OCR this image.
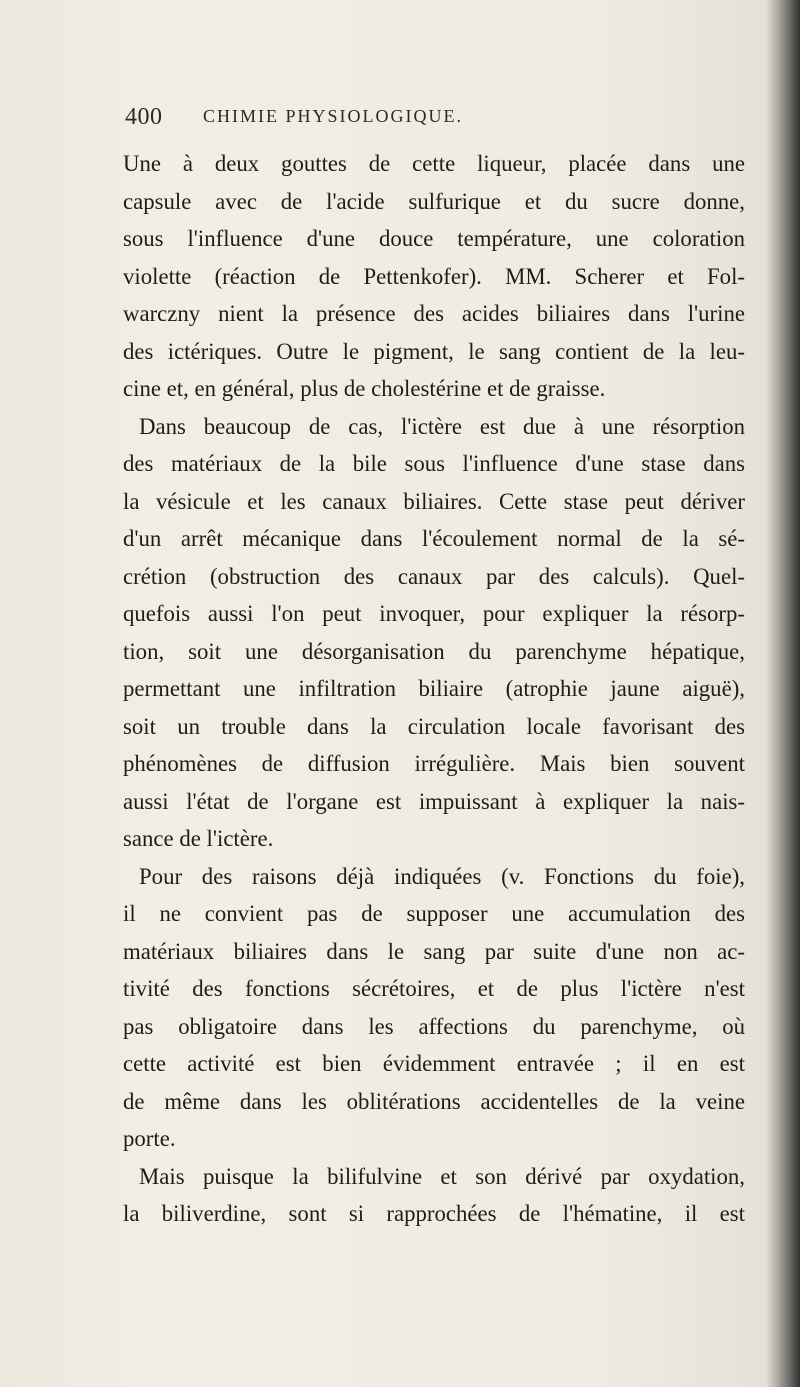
400 CHIMIE PHYSIOLOGIQUE.
Une à deux gouttes de cette liqueur, placée dans une
capsule avec de l'acide sulfurique et du sucre donne,
sous l'influence d'une douce température, une coloration
violette (réaction de Pettenkofer). MM. Scherer et Fol-
warczny nient la présence des acides biliaires dans l'urine
des ictériques. Outre le pigment, le sang contient de la leu-
cine et, en général, plus de cholestérine et de graisse.
Dans beaucoup de cas, l'ictère est due à une résorption
des matériaux de la bile sous l'influence d'une stase dans
la vésicule et les canaux biliaires. Cette stase peut dériver
d'un arrêt mécanique dans l'écoulement normal de la sé-
crétion (obstruction des canaux par des calculs). Quel-
quefois aussi l'on peut invoquer, pour expliquer la résorp-
tion, soit une désorganisation du parenchyme hépatique,
permettant une infiltration biliaire (atrophie jaune aiguë),
soit un trouble dans la circulation locale favorisant des
phénomènes de diffusion irrégulière. Mais bien souvent
aussi l'état de l'organe est impuissant à expliquer la nais-
sance de l'ictère.
Pour des raisons déjà indiquées (v. Fonctions du foie),
il ne convient pas de supposer une accumulation des
matériaux biliaires dans le sang par suite d'une non ac-
tivité des fonctions sécrétoires, et de plus l'ictère n'est
pas obligatoire dans les affections du parenchyme, où
cette activité est bien évidemment entravée ; il en est
de même dans les oblitérations accidentelles de la veine
porte.
Mais puisque la bilifulvine et son dérivé par oxydation,
la biliverdine, sont si rapprochées de l'hématine, il est
